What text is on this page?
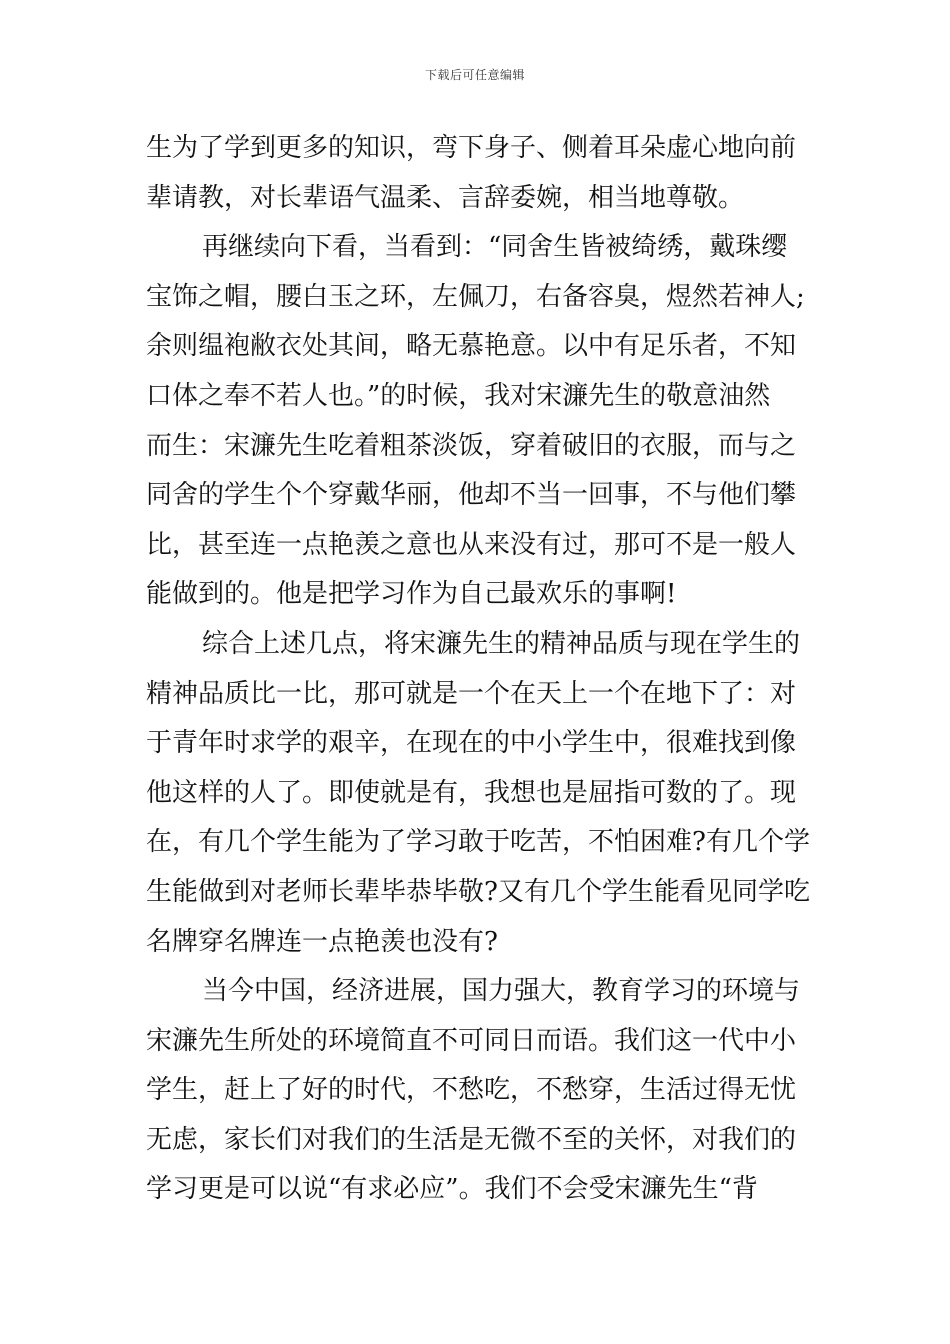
下载后可任意编辑
生为了学到更多的知识，弯下身子、侧着耳朵虚心地向前
辈请教，对长辈语气温柔、言辞委婉，相当地尊敬。
再继续向下看，当看到：“同舍生皆被绮绣，戴珠缨
宝饰之帽，腰白玉之环，左佩刀，右备容臭，煜然若神人;
余则缊袍敝衣处其间，略无慕艳意。以中有足乐者，不知
口体之奉不若人也。”的时候，我对宋濂先生的敬意油然
而生：宋濂先生吃着粗茶淡饭，穿着破旧的衣服，而与之
同舍的学生个个穿戴华丽，他却不当一回事，不与他们攀
比，甚至连一点艳羡之意也从来没有过，那可不是一般人
能做到的。他是把学习作为自己最欢乐的事啊!
综合上述几点，将宋濂先生的精神品质与现在学生的
精神品质比一比，那可就是一个在天上一个在地下了：对
于青年时求学的艰辛，在现在的中小学生中，很难找到像
他这样的人了。即使就是有，我想也是屈指可数的了。现
在，有几个学生能为了学习敢于吃苦，不怕困难?有几个学
生能做到对老师长辈毕恭毕敬?又有几个学生能看见同学吃
名牌穿名牌连一点艳羡也没有?
当今中国，经济进展，国力强大，教育学习的环境与
宋濂先生所处的环境简直不可同日而语。我们这一代中小
学生，赶上了好的时代，不愁吃，不愁穿，生活过得无忧
无虑，家长们对我们的生活是无微不至的关怀，对我们的
学习更是可以说“有求必应”。我们不会受宋濂先生“背
